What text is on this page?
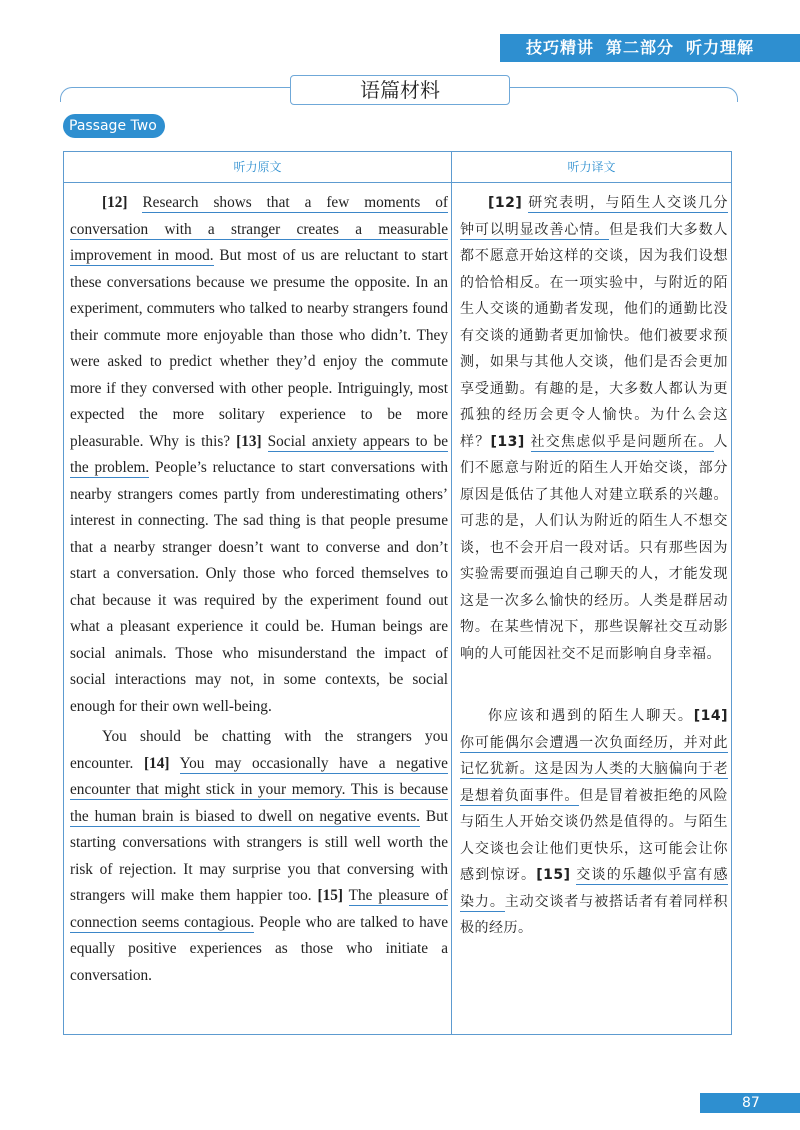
技巧精讲 第二部分 听力理解
语篇材料
Passage Two
听力原文	听力译文

[12] Research shows that a few moments of conversation with a stranger creates a measurable improvement in mood. But most of us are reluctant to start these conversations because we presume the opposite. In an experiment, commuters who talked to nearby strangers found their commute more enjoyable than those who didn’t. They were asked to predict whether they’d enjoy the commute more if they conversed with other people. Intriguingly, most expected the more solitary experience to be more pleasurable. Why is this? [13] Social anxiety appears to be the problem. People’s reluctance to start conversations with nearby strangers comes partly from underestimating others’ interest in connecting. The sad thing is that people presume that a nearby stranger doesn’t want to converse and don’t start a conversation. Only those who forced themselves to chat because it was required by the experiment found out what a pleasant experience it could be. Human beings are social animals. Those who misunderstand the impact of social interactions may not, in some contexts, be social enough for their own well-being.

You should be chatting with the strangers you encounter. [14] You may occasionally have a negative encounter that might stick in your memory. This is because the human brain is biased to dwell on negative events. But starting conversations with strangers is still well worth the risk of rejection. It may surprise you that conversing with strangers will make them happier too. [15] The pleasure of connection seems contagious. People who are talked to have equally positive experiences as those who initiate a conversation.

[12] 研究表明，与陌生人交谈几分钟可以明显改善心情。但是我们大多数人都不愿意开始这样的交谈，因为我们设想的恰恰相反。在一项实验中，与附近的陌生人交谈的通勤者发现，他们的通勤比没有交谈的通勤者更加愉快。他们被要求预测，如果与其他人交谈，他们是否会更加享受通勤。有趣的是，大多数人都认为更孤独的经历会更令人愉快。为什么会这样？[13] 社交焦虑似乎是问题所在。人们不愿意与附近的陌生人开始交谈，部分原因是低估了其他人对建立联系的兴趣。可悲的是，人们认为附近的陌生人不想交谈，也不会开启一段对话。只有那些因为实验需要而强迫自己聊天的人，才能发现这是一次多么愉快的经历。人类是群居动物。在某些情况下，那些误解社交互动影响的人可能因社交不足而影响自身幸福。

你应该和遇到的陌生人聊天。[14] 你可能偶尔会遭遇一次负面经历，并对此记忆犹新。这是因为人类的大脑偏向于老是想着负面事件。但是冒着被拒绝的风险与陌生人开始交谈仍然是值得的。与陌生人交谈也会让他们更快乐，这可能会让你感到惊讶。[15] 交谈的乐趣似乎富有感染力。主动交谈者与被搭话者有着同样积极的经历。

87
